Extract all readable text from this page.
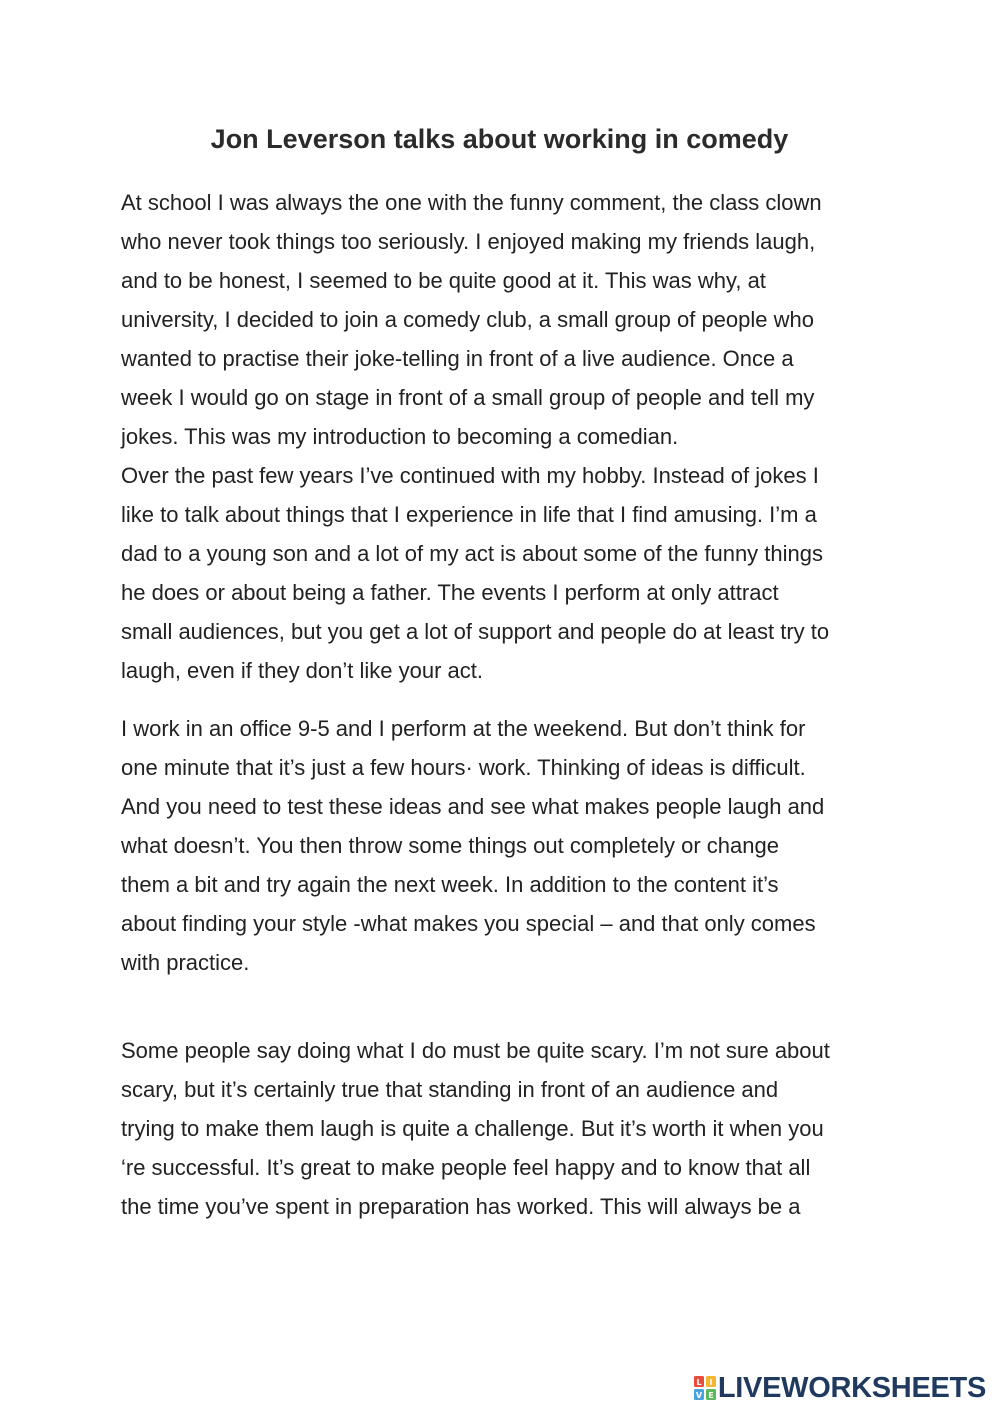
Jon Leverson talks about working in comedy

At school I was always the one with the funny comment, the class clown
who never took things too seriously. I enjoyed making my friends laugh,
and to be honest, I seemed to be quite good at it. This was why, at
university, I decided to join a comedy club, a small group of people who
wanted to practise their joke-telling in front of a live audience. Once a
week I would go on stage in front of a small group of people and tell my
jokes. This was my introduction to becoming a comedian.

Over the past few years I’ve continued with my hobby. Instead of jokes I
like to talk about things that I experience in life that I find amusing. I’m a
dad to a young son and a lot of my act is about some of the funny things
he does or about being a father. The events I perform at only attract
small audiences, but you get a lot of support and people do at least try to
laugh, even if they don’t like your act.

I work in an office 9-5 and I perform at the weekend. But don’t think for
one minute that it’s just a few hours· work. Thinking of ideas is difficult.
And you need to test these ideas and see what makes people laugh and
what doesn’t. You then throw some things out completely or change
them a bit and try again the next week. In addition to the content it’s
about finding your style -what makes you special – and that only comes
with practice.

Some people say doing what I do must be quite scary. I’m not sure about
scary, but it’s certainly true that standing in front of an audience and
trying to make them laugh is quite a challenge. But it’s worth it when you
‘re successful. It’s great to make people feel happy and to know that all
the time you’ve spent in preparation has worked. This will always be a

L I
V E LIVEWORKSHEETS
